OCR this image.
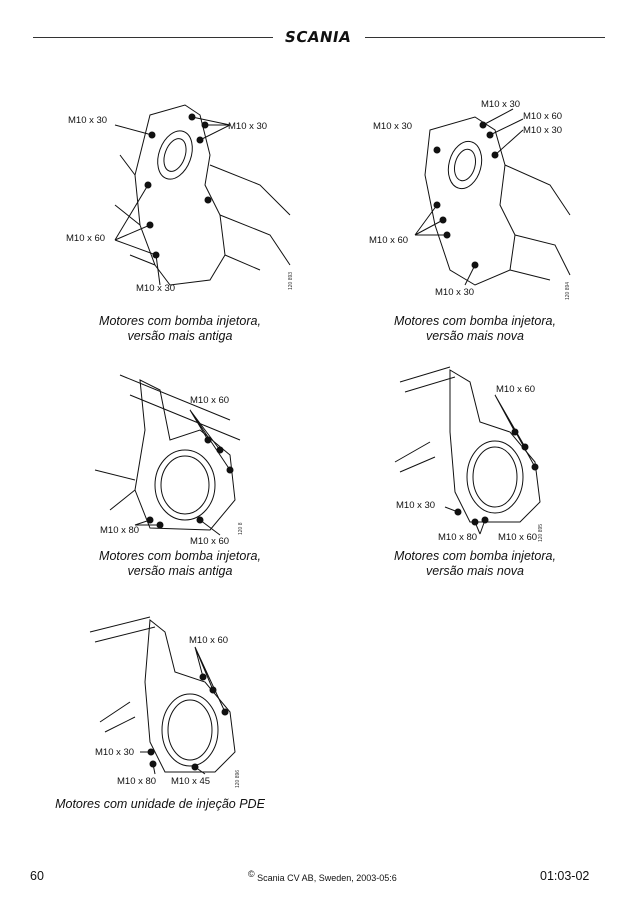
SCANIA
M10 x 30
M10 x 30
M10 x 60
M10 x 30	120 893
Motores com bomba injetora,
versão mais antiga
M10 x 30
M10 x 30
M10 x 60
M10 x 30
M10 x 60
M10 x 30	120 894
Motores com bomba injetora,
versão mais nova
M10 x 60
M10 x 80
M10 x 60
120 8
Motores com bomba injetora,
versão mais antiga
M10 x 60
M10 x 30
M10 x 80 M10 x 60 120 895
Motores com bomba injetora,
versão mais nova
M10 x 60
M10 x 30
M10 x 80 M10 x 45	120 896
Motores com unidade de injeção PDE
60	© Scania CV AB, Sweden, 2003-05:6	01:03-02
